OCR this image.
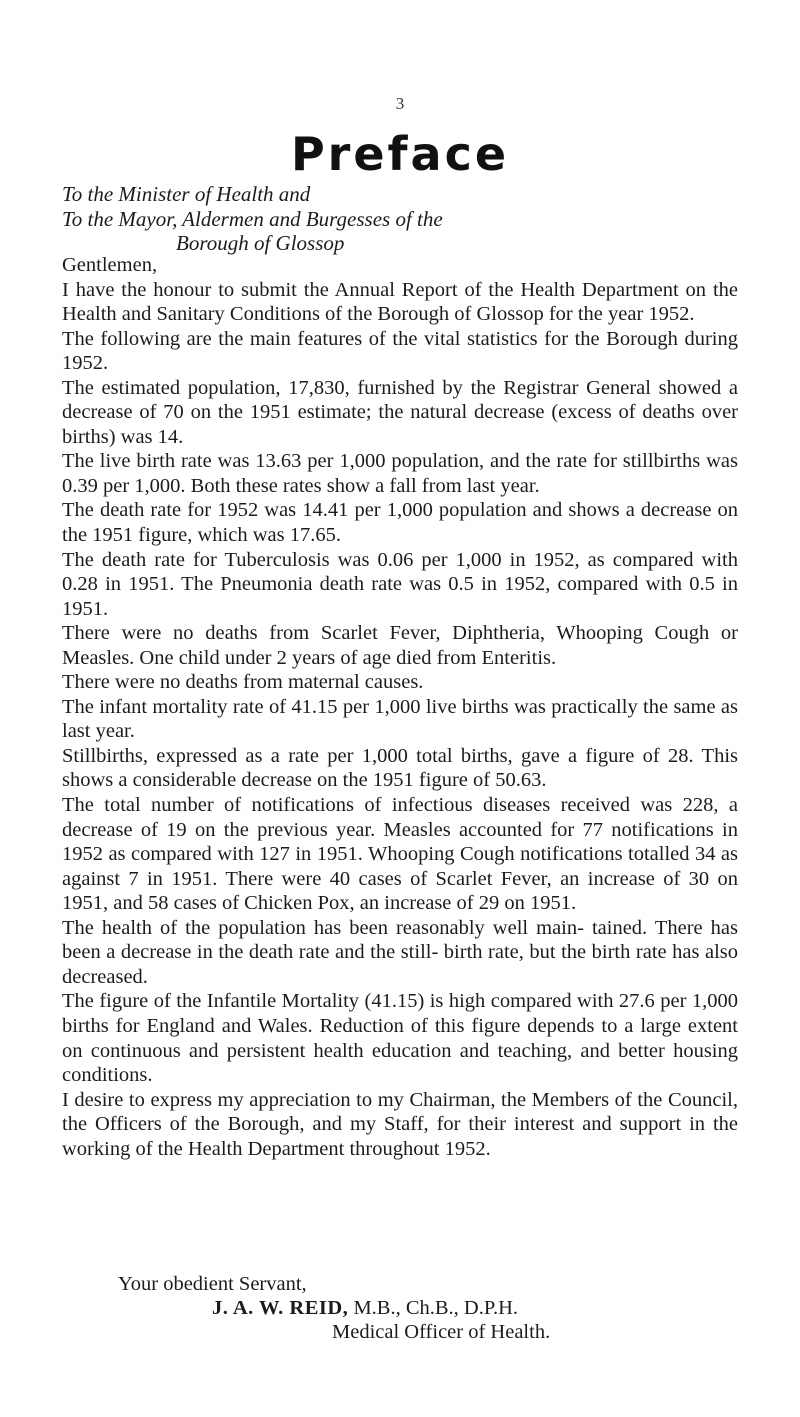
3
Preface
To the Minister of Health and
To the Mayor, Aldermen and Burgesses of the
Borough of Glossop

Gentlemen,

I have the honour to submit the Annual Report of the Health Department on the Health and Sanitary Conditions of the Borough of Glossop for the year 1952.

The following are the main features of the vital statistics for the Borough during 1952.

The estimated population, 17,830, furnished by the Registrar General showed a decrease of 70 on the 1951 estimate; the natural decrease (excess of deaths over births) was 14.

The live birth rate was 13.63 per 1,000 population, and the rate for stillbirths was 0.39 per 1,000. Both these rates show a fall from last year.

The death rate for 1952 was 14.41 per 1,000 population and shows a decrease on the 1951 figure, which was 17.65.

The death rate for Tuberculosis was 0.06 per 1,000 in 1952, as compared with 0.28 in 1951. The Pneumonia death rate was 0.5 in 1952, compared with 0.5 in 1951.

There were no deaths from Scarlet Fever, Diphtheria, Whooping Cough or Measles. One child under 2 years of age died from Enteritis.

There were no deaths from maternal causes.

The infant mortality rate of 41.15 per 1,000 live births was practically the same as last year.

Stillbirths, expressed as a rate per 1,000 total births, gave a figure of 28. This shows a considerable decrease on the 1951 figure of 50.63.

The total number of notifications of infectious diseases received was 228, a decrease of 19 on the previous year. Measles accounted for 77 notifications in 1952 as compared with 127 in 1951. Whooping Cough notifications totalled 34 as against 7 in 1951. There were 40 cases of Scarlet Fever, an increase of 30 on 1951, and 58 cases of Chicken Pox, an increase of 29 on 1951.

The health of the population has been reasonably well main- tained. There has been a decrease in the death rate and the still- birth rate, but the birth rate has also decreased.

The figure of the Infantile Mortality (41.15) is high compared with 27.6 per 1,000 births for England and Wales. Reduction of this figure depends to a large extent on continuous and persistent health education and teaching, and better housing conditions.

I desire to express my appreciation to my Chairman, the Members of the Council, the Officers of the Borough, and my Staff, for their interest and support in the working of the Health Department throughout 1952.

Your obedient Servant,
J. A. W. REID, M.B., Ch.B., D.P.H.
Medical Officer of Health.
